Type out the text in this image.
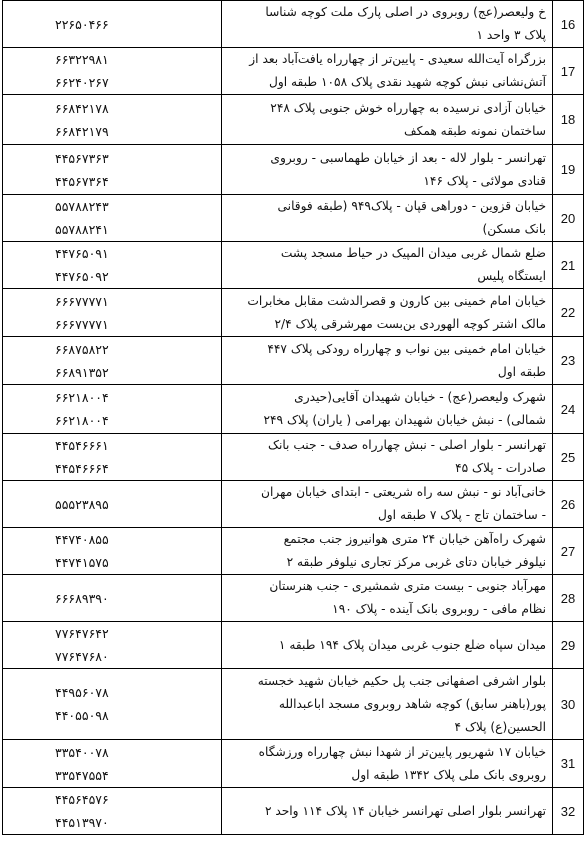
16	خ ولیعصر(عج) روبروی در اصلی پارک ملت کوچه شناسا
پلاک ۳ واحد ۱	۲۲۶۵۰۴۶۶

17	بزرگراه آیت‌الله سعیدی - پایین‌تر از چهارراه یافت‌آباد بعد از
آتش‌نشانی نبش کوچه شهید نقدی پلاک ۱۰۵۸ طبقه اول	۶۶۳۲۲۹۸۱
۶۶۲۴۰۲۶۷

18	خیابان آزادی نرسیده به چهارراه خوش جنوبی پلاک ۲۴۸
ساختمان نمونه طبقه همکف	۶۶۸۴۲۱۷۸
۶۶۸۴۲۱۷۹

19	تهرانسر - بلوار لاله - بعد از خیابان طهماسبی - روبروی
قنادی مولائی - پلاک ۱۴۶	۴۴۵۶۷۳۶۳
۴۴۵۶۷۳۶۴

20	خیابان قزوین - دوراهی قپان - پلاک۹۴۹ (طبقه فوقانی
بانک مسکن)	۵۵۷۸۸۲۴۳
۵۵۷۸۸۲۴۱

21	ضلع شمال غربی میدان المپیک در حیاط مسجد پشت
ایستگاه پلیس	۴۴۷۶۵۰۹۱
۴۴۷۶۵۰۹۲

22	خیابان امام خمینی بین کارون و قصرالدشت مقابل مخابرات
مالک اشتر کوچه الهوردی بن‌بست مهرشرقی پلاک ۲/۴	۶۶۶۷۷۷۷۱
۶۶۶۷۷۷۷۱

23	خیابان امام خمینی بین نواب و چهارراه رودکی پلاک ۴۴۷
طبقه اول	۶۶۸۷۵۸۲۲
۶۶۸۹۱۳۵۲

24	شهرک ولیعصر(عج) - خیابان شهیدان آقایی(حیدری
شمالی) - نبش خیابان شهیدان بهرامی ( یاران) پلاک ۲۴۹	۶۶۲۱۸۰۰۴
۶۶۲۱۸۰۰۴

25	تهرانسر - بلوار اصلی - نبش چهارراه صدف - جنب بانک
صادرات - پلاک ۴۵	۴۴۵۴۶۶۶۱
۴۴۵۴۶۶۶۴

26	خانی‌آباد نو - نبش سه راه شریعتی - ابتدای خیابان مهران
- ساختمان تاج - پلاک ۷ طبقه اول	۵۵۵۲۳۸۹۵

27	شهرک راه‌آهن خیابان ۲۴ متری هوانیروز جنب مجتمع
نیلوفر خیابان دتای غربی مرکز تجاری نیلوفر طبقه ۲	۴۴۷۴۰۸۵۵
۴۴۷۴۱۵۷۵

28	مهرآباد جنوبی - بیست متری شمشیری - جنب هنرستان
نظام مافی - روبروی بانک آینده - پلاک ۱۹۰	۶۶۶۸۹۳۹۰

29	میدان سپاه ضلع جنوب غربی میدان پلاک ۱۹۴ طبقه ۱	۷۷۶۴۷۶۴۲
۷۷۶۴۷۶۸۰

30	بلوار اشرفی اصفهانی جنب پل حکیم خیابان شهید خجسته
پور(باهنر سابق) کوچه شاهد روبروی مسجد اباعبدالله
الحسین(ع) پلاک ۴	۴۴۹۵۶۰۷۸
۴۴۰۵۵۰۹۸

31	خیابان ۱۷ شهریور پایین‌تر از شهدا نبش چهارراه ورزشگاه
روبروی بانک ملی پلاک ۱۳۴۲ طبقه اول	۳۳۵۴۰۰۷۸
۳۳۵۴۷۵۵۴

32	تهرانسر بلوار اصلی تهرانسر خیابان ۱۴ پلاک ۱۱۴ واحد ۲	۴۴۵۶۴۵۷۶
۴۴۵۱۳۹۷۰
